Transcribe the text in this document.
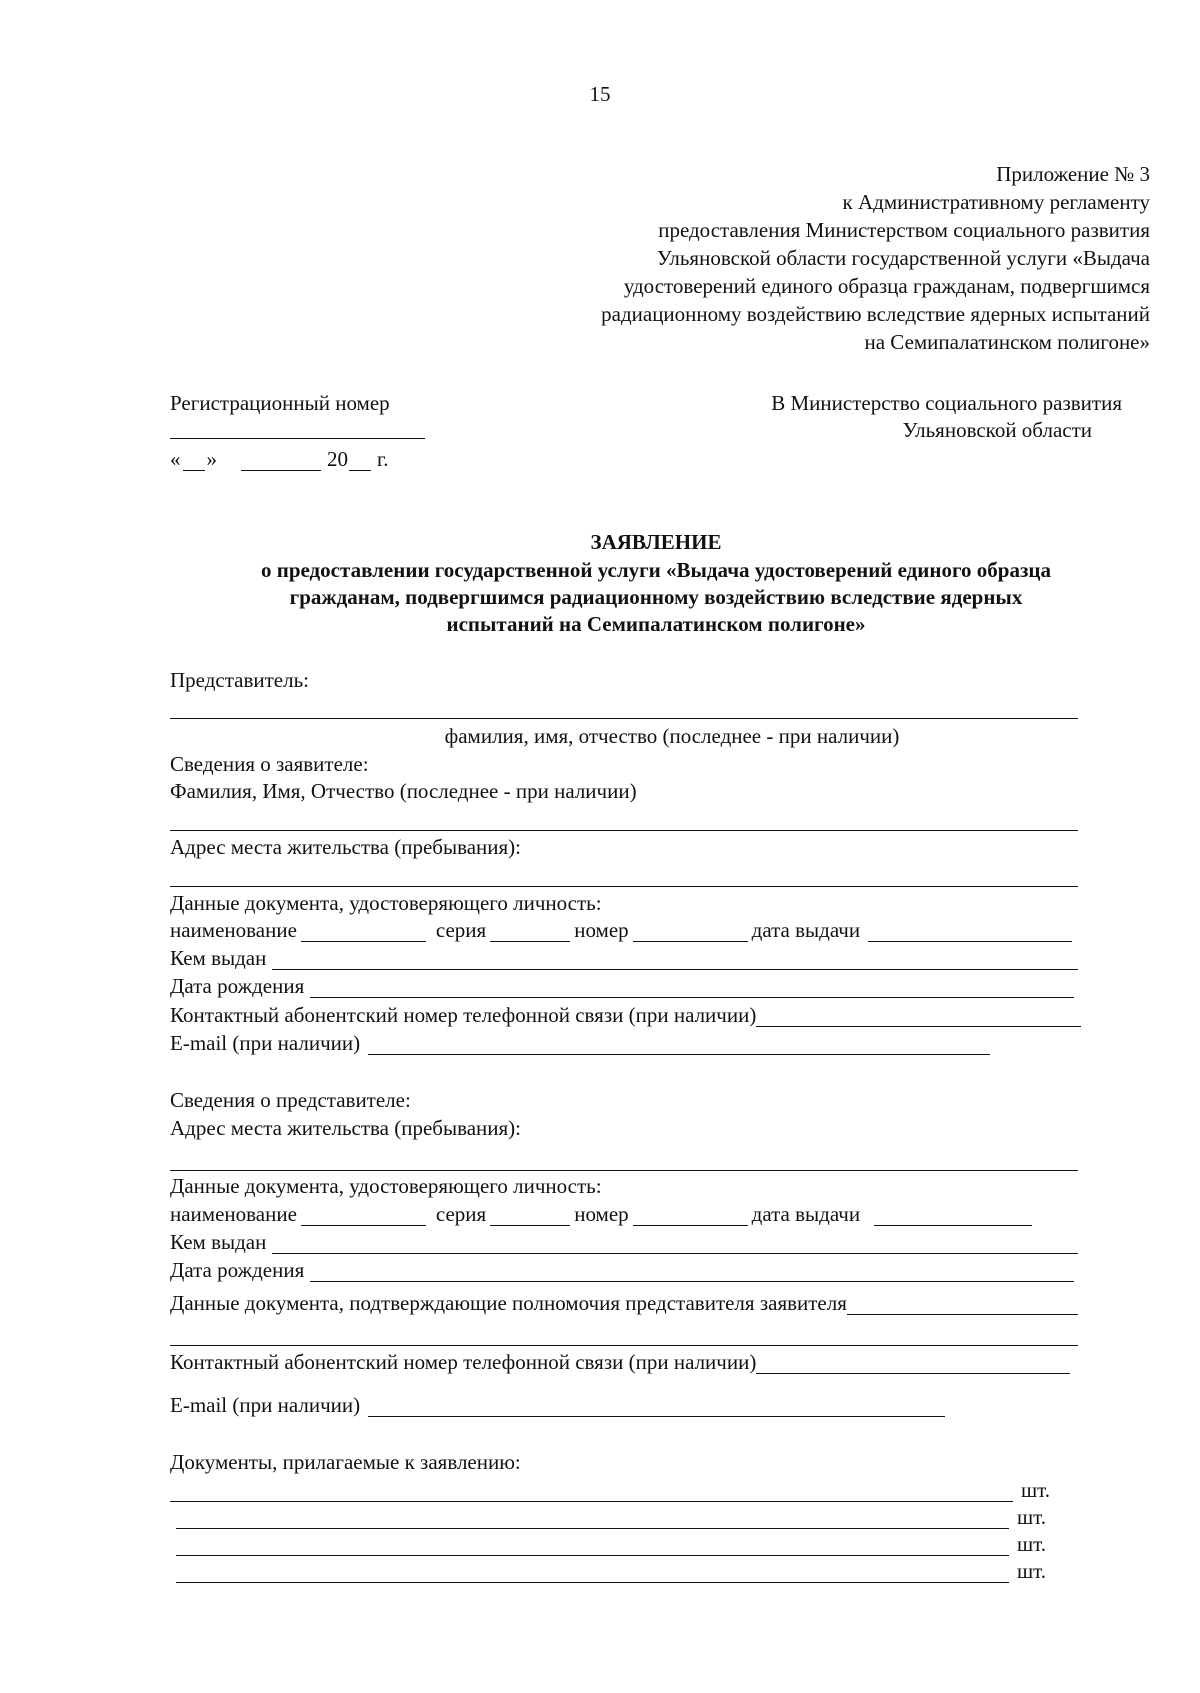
15
Приложение № 3
к Административному регламенту
предоставления Министерством социального развития
Ульяновской области государственной услуги «Выдача
удостоверений единого образца гражданам, подвергшимся
радиационному воздействию вследствие ядерных испытаний
на Семипалатинском полигоне»
Регистрационный номер
« »	20 г.
В Министерство социального развития
Ульяновской области
ЗАЯВЛЕНИЕ
о предоставлении государственной услуги «Выдача удостоверений единого образца
гражданам, подвергшимся радиационному воздействию вследствие ядерных
испытаний на Семипалатинском полигоне»
Представитель:
фамилия, имя, отчество (последнее - при наличии)
Сведения о заявителе:
Фамилия, Имя, Отчество (последнее - при наличии)
Адрес места жительства (пребывания):
Данные документа, удостоверяющего личность:
наименование	серия	номер	дата выдачи
Кем выдан
Дата рождения
Контактный абонентский номер телефонной связи (при наличии)
E-mail (при наличии)
Сведения о представителе:
Адрес места жительства (пребывания):
Данные документа, удостоверяющего личность:
наименование	серия	номер	дата выдачи
Кем выдан
Дата рождения
Данные документа, подтверждающие полномочия представителя заявителя
Контактный абонентский номер телефонной связи (при наличии)
E-mail (при наличии)
Документы, прилагаемые к заявлению:
шт.
шт.
шт.
шт.
